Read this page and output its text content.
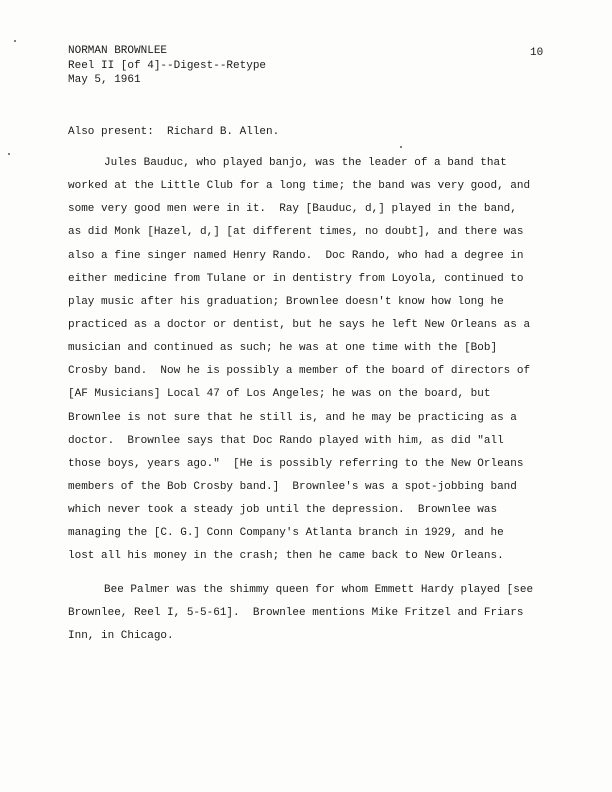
NORMAN BROWNLEE
Reel II [of 4]--Digest--Retype
May 5, 1961
10
Also present:  Richard B. Allen.
Jules Bauduc, who played banjo, was the leader of a band that
worked at the Little Club for a long time; the band was very good, and
some very good men were in it.  Ray [Bauduc, d,] played in the band,
as did Monk [Hazel, d,] [at different times, no doubt], and there was
also a fine singer named Henry Rando.  Doc Rando, who had a degree in
either medicine from Tulane or in dentistry from Loyola, continued to
play music after his graduation; Brownlee doesn't know how long he
practiced as a doctor or dentist, but he says he left New Orleans as a
musician and continued as such; he was at one time with the [Bob]
Crosby band.  Now he is possibly a member of the board of directors of
[AF Musicians] Local 47 of Los Angeles; he was on the board, but
Brownlee is not sure that he still is, and he may be practicing as a
doctor.  Brownlee says that Doc Rando played with him, as did "all
those boys, years ago."  [He is possibly referring to the New Orleans
members of the Bob Crosby band.]  Brownlee's was a spot-jobbing band
which never took a steady job until the depression.  Brownlee was
managing the [C. G.] Conn Company's Atlanta branch in 1929, and he
lost all his money in the crash; then he came back to New Orleans.
Bee Palmer was the shimmy queen for whom Emmett Hardy played [see
Brownlee, Reel I, 5-5-61].  Brownlee mentions Mike Fritzel and Friars
Inn, in Chicago.
